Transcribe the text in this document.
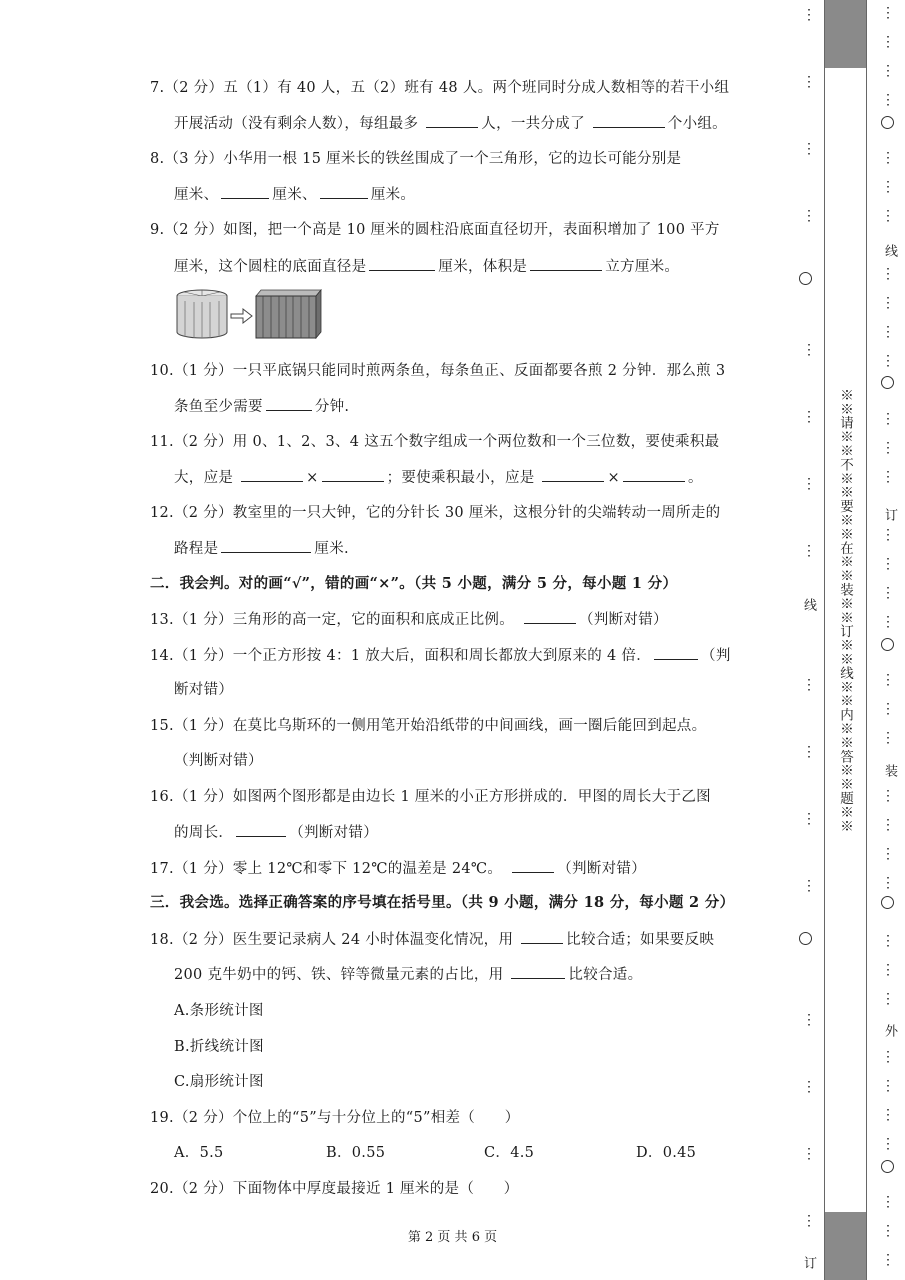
7.（2 分）五（1）有 40 人，五（2）班有 48 人。两个班同时分成人数相等的若干小组
开展活动（没有剩余人数），每组最多	人，一共分成了	个小组。
8.（3 分）小华用一根 15 厘米长的铁丝围成了一个三角形，它的边长可能分别是
厘米、	厘米、	厘米。
9.（2 分）如图，把一个高是 10 厘米的圆柱沿底面直径切开，表面积增加了 100 平方
厘米，这个圆柱的底面直径是	厘米，体积是	立方厘米。
10.（1 分）一只平底锅只能同时煎两条鱼，每条鱼正、反面都要各煎 2 分钟．那么煎 3
条鱼至少需要	分钟.
11.（2 分）用 0、1、2、3、4 这五个数字组成一个两位数和一个三位数，要使乘积最
大，应是	×	；要使乘积最小，应是	×	。
12.（2 分）教室里的一只大钟，它的分针长 30 厘米，这根分针的尖端转动一周所走的
路程是	厘米.
二．我会判。对的画“√”，错的画“×”。（共 5 小题，满分 5 分，每小题 1 分）
13.（1 分）三角形的高一定，它的面积和底成正比例。	（判断对错）
14.（1 分）一个正方形按 4：1 放大后，面积和周长都放大到原来的 4 倍．	（判
断对错）
15.（1 分）在莫比乌斯环的一侧用笔开始沿纸带的中间画线，画一圈后能回到起点。
（判断对错）
16.（1 分）如图两个图形都是由边长 1 厘米的小正方形拼成的．甲图的周长大于乙图
的周长．	（判断对错）
17.（1 分）零上 12℃和零下 12℃的温差是 24℃。	（判断对错）
三．我会选。选择正确答案的序号填在括号里。（共 9 小题，满分 18 分，每小题 2 分）
18.（2 分）医生要记录病人 24 小时体温变化情况，用	比较合适；如果要反映
200 克牛奶中的钙、铁、锌等微量元素的占比，用	比较合适。
A.条形统计图
B.折线统计图
C.扇形统计图
19.（2 分）个位上的“5”与十分位上的“5”相差（　　）
A．5.5	B．0.55	C．4.5	D．0.45
20.（2 分）下面物体中厚度最接近 1 厘米的是（　　）
第 2 页 共 6 页
⋮
⋮
⋮
⋮
⋮
⋮
⋮
⋮
⋮
⋮
⋮
⋮
⋮
⋮
⋮
⋮
线
订
※※请※※不※※要※※在※※装※※订※※线※※内※※答※※题※※
⋮
⋮
⋮
⋮
⋮
⋮
⋮
⋮
⋮
⋮
⋮
⋮
⋮
⋮
⋮
⋮
⋮
⋮
⋮
⋮
⋮
⋮
⋮
⋮
⋮
⋮
⋮
⋮
⋮
⋮
⋮
⋮
⋮
⋮
⋮
线
订
装
外
